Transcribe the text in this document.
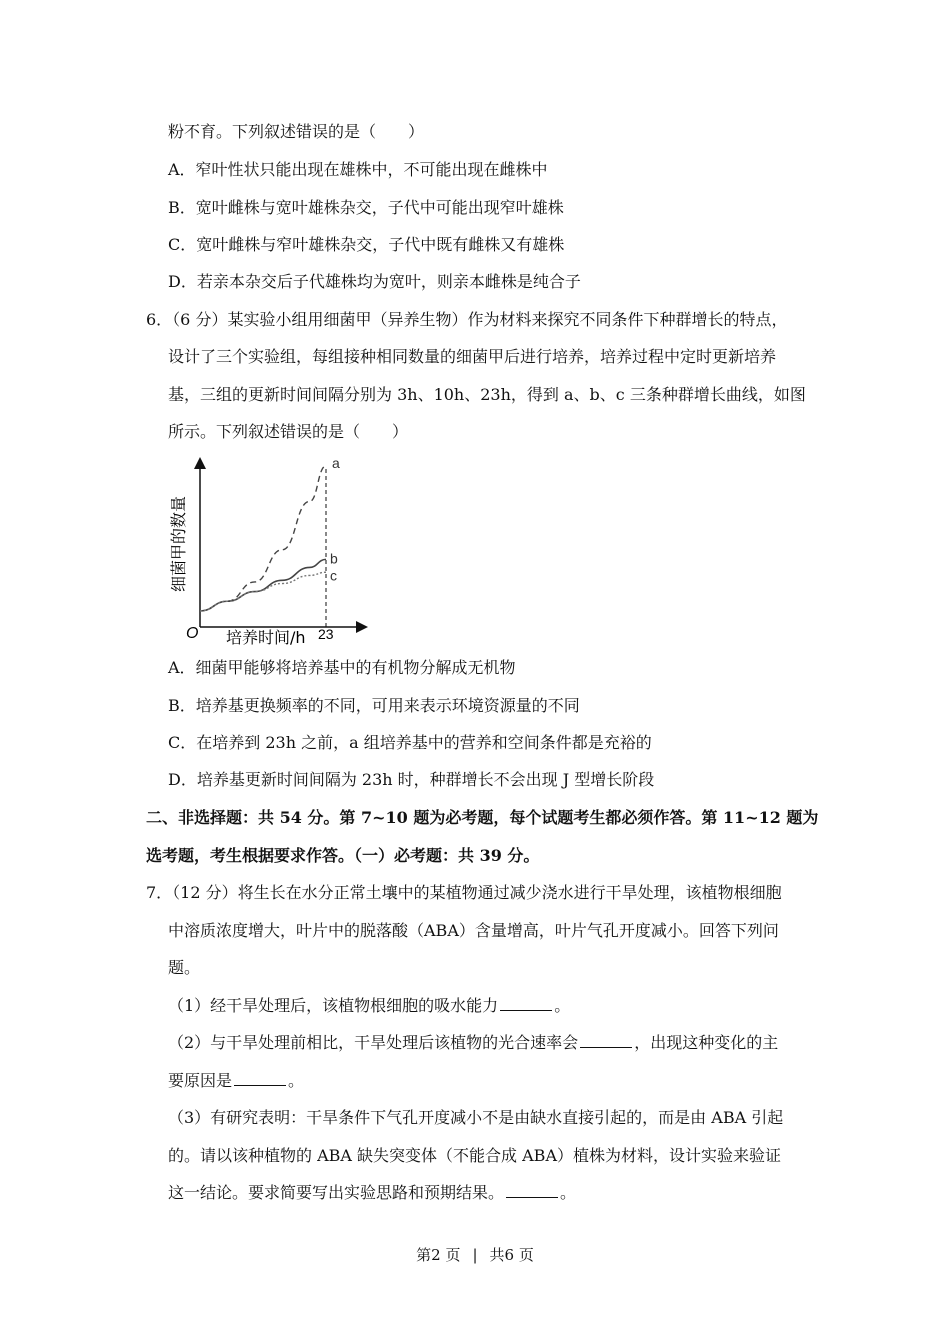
粉不育。下列叙述错误的是（　　）
A．窄叶性状只能出现在雄株中，不可能出现在雌株中
B．宽叶雌株与宽叶雄株杂交，子代中可能出现窄叶雄株
C．宽叶雌株与窄叶雄株杂交，子代中既有雌株又有雄株
D．若亲本杂交后子代雄株均为宽叶，则亲本雌株是纯合子
6．（6 分）某实验小组用细菌甲（异养生物）作为材料来探究不同条件下种群增长的特点，
设计了三个实验组，每组接种相同数量的细菌甲后进行培养，培养过程中定时更新培养
基，三组的更新时间间隔分别为 3h、10h、23h，得到 a、b、c 三条种群增长曲线，如图
所示。下列叙述错误的是（　　）
a
b
c
O 培养时间/h 23
细菌甲的数量
A．细菌甲能够将培养基中的有机物分解成无机物
B．培养基更换频率的不同，可用来表示环境资源量的不同
C．在培养到 23h 之前，a 组培养基中的营养和空间条件都是充裕的
D．培养基更新时间间隔为 23h 时，种群增长不会出现 J 型增长阶段
二、非选择题：共 54 分。第 7~10 题为必考题，每个试题考生都必须作答。第 11~12 题为
选考题，考生根据要求作答。（一）必考题：共 39 分。
7．（12 分）将生长在水分正常土壤中的某植物通过减少浇水进行干旱处理，该植物根细胞
中溶质浓度增大，叶片中的脱落酸（ABA）含量增高，叶片气孔开度减小。回答下列问
题。
（1）经干旱处理后，该植物根细胞的吸水能力	。
（2）与干旱处理前相比，干旱处理后该植物的光合速率会	，出现这种变化的主
要原因是	。
（3）有研究表明：干旱条件下气孔开度减小不是由缺水直接引起的，而是由 ABA 引起
的。请以该种植物的 ABA 缺失突变体（不能合成 ABA）植株为材料，设计实验来验证
这一结论。要求简要写出实验思路和预期结果。	。
第2 页 | 共6 页
